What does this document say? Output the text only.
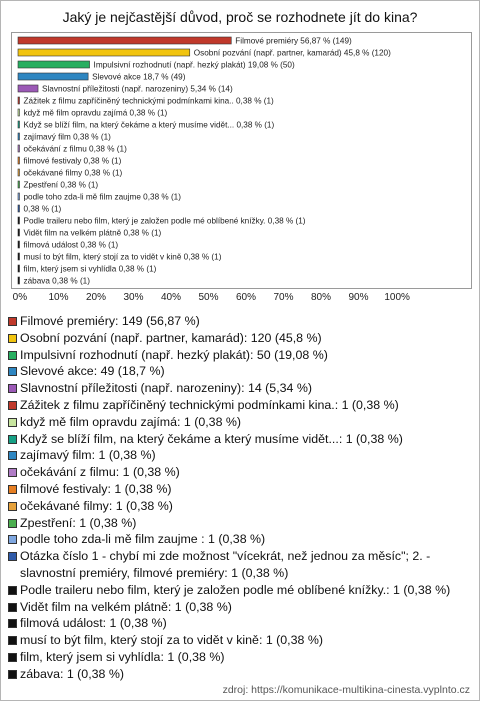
Jaký je nejčastější důvod, proč se rozhodnete jít do kina?
Filmové premiéry 56,87 % (149)
Osobní pozvání (např. partner, kamarád) 45,8 % (120)
Impulsivní rozhodnutí (např. hezký plakát) 19,08 % (50)
Slevové akce 18,7 % (49)
Slavnostní příležitosti (např. narozeniny) 5,34 % (14)
Zážitek z filmu zapříčiněný technickými podmínkami kina.. 0,38 % (1)
když mě film opravdu zajímá 0,38 % (1)
Když se blíží film, na který čekáme a který musíme vidět... 0,38 % (1)
zajímavý film 0,38 % (1)
očekávání z filmu 0,38 % (1)
filmové festivaly 0,38 % (1)
očekávané filmy 0,38 % (1)
Zpestření 0,38 % (1)
podle toho zda-li mě film zaujme 0,38 % (1)
0,38 % (1)
Podle traileru nebo film, který je založen podle mé oblíbené knížky. 0,38 % (1)
Vidět film na velkém plátně 0,38 % (1)
filmová událost 0,38 % (1)
musí to být film, který stojí za to vidět v kině 0,38 % (1)
film, který jsem si vyhlídla 0,38 % (1)
zábava 0,38 % (1)
0% 10% 20% 30% 40% 50% 60% 70% 80% 90% 100%
Filmové premiéry: 149 (56,87 %)
Osobní pozvání (např. partner, kamarád): 120 (45,8 %)
Impulsivní rozhodnutí (např. hezký plakát): 50 (19,08 %)
Slevové akce: 49 (18,7 %)
Slavnostní příležitosti (např. narozeniny): 14 (5,34 %)
Zážitek z filmu zapříčiněný technickými podmínkami kina.: 1 (0,38 %)
když mě film opravdu zajímá: 1 (0,38 %)
Když se blíží film, na který čekáme a který musíme vidět...: 1 (0,38 %)
zajímavý film: 1 (0,38 %)
očekávání z filmu: 1 (0,38 %)
filmové festivaly: 1 (0,38 %)
očekávané filmy: 1 (0,38 %)
Zpestření: 1 (0,38 %)
podle toho zda-li mě film zaujme : 1 (0,38 %)
Otázka číslo 1 - chybí mi zde možnost "vícekrát, než jednou za měsíc"; 2. - slavnostní premiéry, filmové premiéry: 1 (0,38 %)
Podle traileru nebo film, který je založen podle mé oblíbené knížky.: 1 (0,38 %)
Vidět film na velkém plátně: 1 (0,38 %)
filmová událost: 1 (0,38 %)
musí to být film, který stojí za to vidět v kině: 1 (0,38 %)
film, který jsem si vyhlídla: 1 (0,38 %)
zábava: 1 (0,38 %)
zdroj: https://komunikace-multikina-cinesta.vyplnto.cz
